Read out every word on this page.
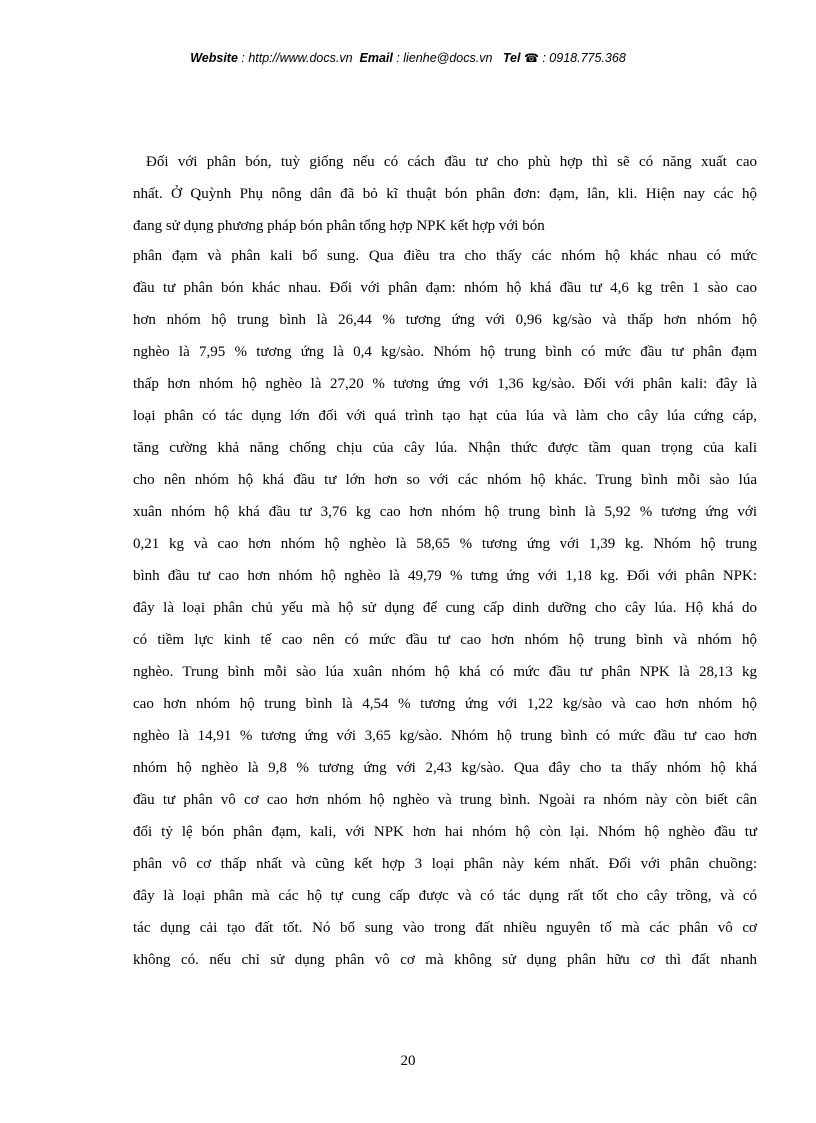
Website : http://www.docs.vn Email : lienhe@docs.vn Tel ☎ : 0918.775.368
Đối với phân bón, tuỳ giống nếu có cách đầu tư cho phù hợp thì sẽ có năng xuất cao
nhất. Ở Quỳnh Phụ nông dân đã bỏ kĩ thuật bón phân đơn: đạm, lân, kli. Hiện nay các hộ
đang sử dụng phương pháp bón phân tổng hợp NPK kết hợp với bón
phân đạm và phân kali bổ sung. Qua điều tra cho thấy các nhóm hộ khác nhau có mức
đầu tư phân bón khác nhau. Đối với phân đạm: nhóm hộ khá đầu tư 4,6 kg trên 1 sào cao
hơn nhóm hộ trung bình là 26,44 % tương ứng với 0,96 kg/sào và thấp hơn nhóm hộ
nghèo là 7,95 % tương ứng là 0,4 kg/sào. Nhóm hộ trung bình có mức đầu tư phân đạm
thấp hơn nhóm hộ nghèo là 27,20 % tương ứng với 1,36 kg/sào. Đối với phân kali: đây là
loại phân có tác dụng lớn đối với quá trình tạo hạt của lúa và làm cho cây lúa cứng cáp,
tăng cường khả năng chống chịu của cây lúa. Nhận thức được tầm quan trọng của kali
cho nên nhóm hộ khá đầu tư lớn hơn so với các nhóm hộ khác. Trung bình mỗi sào lúa
xuân nhóm hộ khá đầu tư 3,76 kg cao hơn nhóm hộ trung bình là 5,92 % tương ứng với
0,21 kg và cao hơn nhóm hộ nghèo là 58,65 % tương ứng với 1,39 kg. Nhóm hộ trung
bình đầu tư cao hơn nhóm hộ nghèo là 49,79 % tưng ứng với 1,18 kg. Đối với phân NPK:
đây là loại phân chủ yếu mà hộ sử dụng để cung cấp dinh dưỡng cho cây lúa. Hộ khá do
có tiềm lực kinh tế cao nên có mức đầu tư cao hơn nhóm hộ trung bình và nhóm hộ
nghèo. Trung bình mỗi sào lúa xuân nhóm hộ khá có mức đầu tư phân NPK là 28,13 kg
cao hơn nhóm hộ trung bình là 4,54 % tương ứng với 1,22 kg/sào và cao hơn nhóm hộ
nghèo là 14,91 % tương ứng với 3,65 kg/sào. Nhóm hộ trung bình có mức đầu tư cao hơn
nhóm hộ nghèo là 9,8 % tương ứng với 2,43 kg/sào. Qua đây cho ta thấy nhóm hộ khá
đầu tư phân vô cơ cao hơn nhóm hộ nghèo và trung bình. Ngoài ra nhóm này còn biết cân
đối tỷ lệ bón phân đạm, kali, với NPK hơn hai nhóm hộ còn lại. Nhóm hộ nghèo đầu tư
phân vô cơ thấp nhất và cũng kết hợp 3 loại phân này kém nhất. Đối với phân chuồng:
đây là loại phân mà các hộ tự cung cấp được và có tác dụng rất tốt cho cây trồng, và có
tác dụng cải tạo đất tốt. Nó bổ sung vào trong đất nhiều nguyên tố mà các phân vô cơ
không có. nếu chỉ sử dụng phân vô cơ mà không sử dụng phân hữu cơ thì đất nhanh
20
